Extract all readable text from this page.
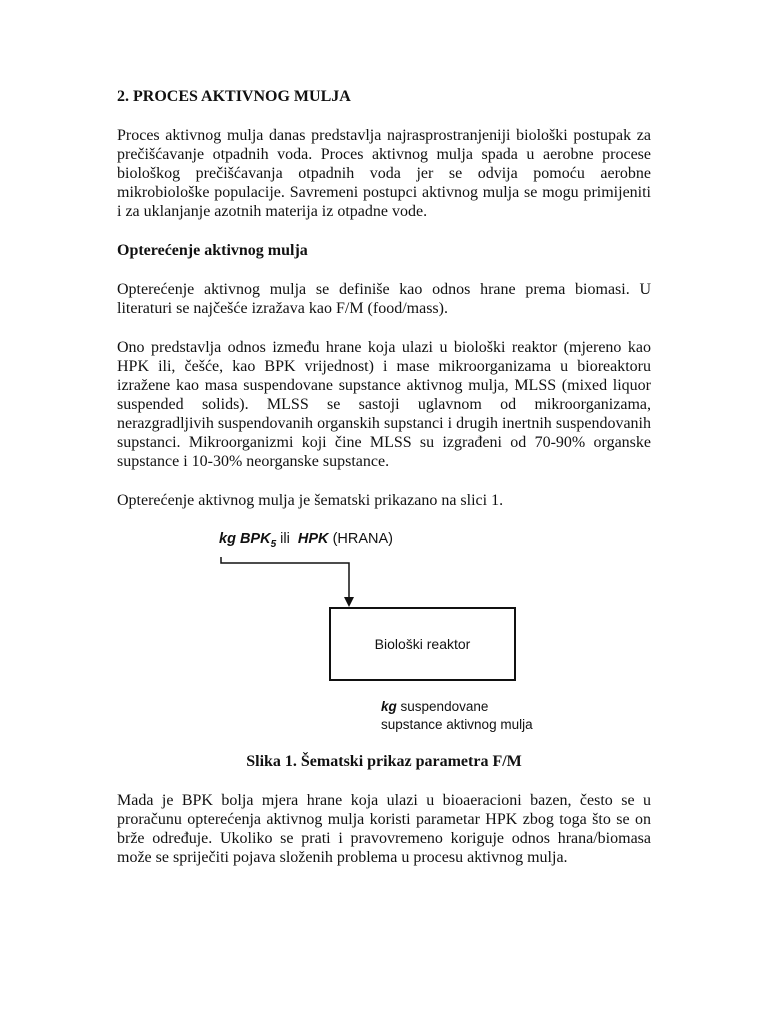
2. PROCES AKTIVNOG MULJA

Proces aktivnog mulja danas predstavlja najrasprostranjeniji biološki postupak za prečišćavanje otpadnih voda. Proces aktivnog mulja spada u aerobne procese biološkog prečišćavanja otpadnih voda jer se odvija pomoću aerobne mikrobiološke populacije. Savremeni postupci aktivnog mulja se mogu primijeniti i za uklanjanje azotnih materija iz otpadne vode.

Opterećenje aktivnog mulja

Opterećenje aktivnog mulja se definiše kao odnos hrane prema biomasi. U literaturi se najčešće izražava kao F/M (food/mass).

Ono predstavlja odnos između hrane koja ulazi u biološki reaktor (mjereno kao HPK ili, češće, kao BPK vrijednost) i mase mikroorganizama u bioreaktoru izražene kao masa suspendovane supstance aktivnog mulja, MLSS (mixed liquor suspended solids). MLSS se sastoji uglavnom od mikroorganizama, nerazgradljivih suspendovanih organskih supstanci i drugih inertnih suspendovanih supstanci. Mikroorganizmi koji čine MLSS su izgrađeni od 70-90% organske supstance i 10-30% neorganske supstance.

Opterećenje aktivnog mulja je šematski prikazano na slici 1.

kg $BPK_5$ ili HPK (HRANA)
Biološki reaktor
kg suspendovane
supstance aktivnog mulja
Slika 1. Šematski prikaz parametra F/M

Mada je BPK bolja mjera hrane koja ulazi u bioaeracioni bazen, često se u proračunu opterećenja aktivnog mulja koristi parametar HPK zbog toga što se on brže određuje. Ukoliko se prati i pravovremeno koriguje odnos hrana/biomasa može se spriječiti pojava složenih problema u procesu aktivnog mulja.
